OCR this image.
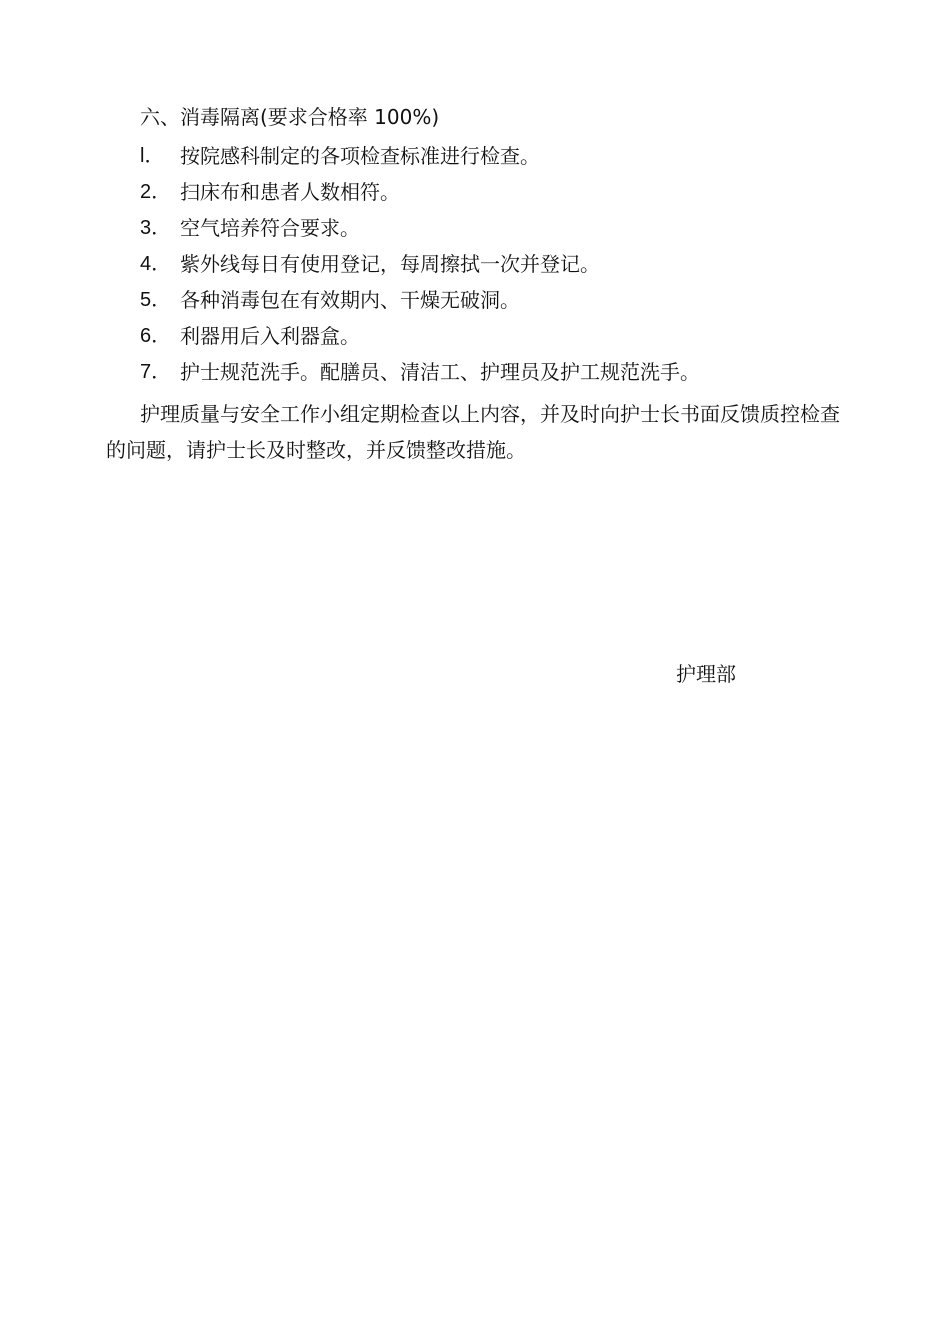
六、消毒隔离(要求合格率 100%)
l． 按院感科制定的各项检查标准进行检查。
2． 扫床布和患者人数相符。
3． 空气培养符合要求。
4． 紫外线每日有使用登记，每周擦拭一次并登记。
5． 各种消毒包在有效期内、干燥无破洞。
6． 利器用后入利器盒。
7． 护士规范洗手。配膳员、清洁工、护理员及护工规范洗手。

护理质量与安全工作小组定期检查以上内容，并及时向护士长书面反馈质控检查的问题，请护士长及时整改，并反馈整改措施。

护理部
